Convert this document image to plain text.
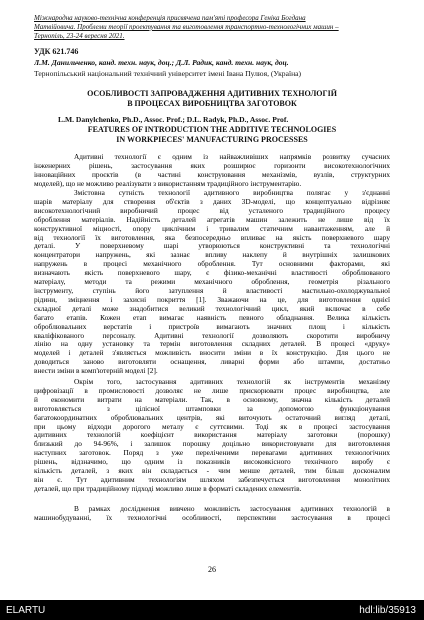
Міжнародна науково-технічна конференція присвячена пам'яті професора Геніка Богдана
Матвійовича. Проблеми теорії проектування та виготовлення транспортно-технологічних машин –
Тернопіль, 23-24 вересня 2021.
УДК 621.746
Л.М. Данильченко, канд. техн. наук, доц.; Д.Л. Радик, канд. техн. наук, доц.
Тернопільський національний технічний університет імені Івана Пулюя, (Україна)
ОСОБЛИВОСТІ ЗАПРОВАДЖЕННЯ АДИТИВНИХ ТЕХНОЛОГІЙ
В ПРОЦЕСАХ ВИРОБНИЦТВА ЗАГОТОВОК
L.M. Danylchenko, Ph.D., Assoc. Prof.; D.L. Radyk, Ph.D., Assoc. Prof.
FEATURES OF INTRODUCTION THE ADDITIVE TECHNOLOGIES
IN WORKPIECES' MANUFACTURING PROCESSES
Адитивні технології є одним із найважливіших напрямків розвитку сучасних
інженерних рішень, застосування яких розширює горизонти високотехнологічних
інноваційних проєктів (в частині конструювання механізмів, вузлів, структурних
моделей), що не можливо реалізувати з використанням традиційного інструментарію.
Змістовна сутність технології адитивного виробництва полягає у з'єднанні
шарів матеріалу для створення об'єктів з даних 3D-моделі, що концептуально відрізняє
високотехнологічний виробничий процес від усталеного традиційного процесу
оброблення матеріалів. Надійність деталей агрегатів машин залежить не лише від їх
конструктивної міцності, опору циклічним і тривалим статичним навантаженням, але й
від технології їх виготовлення, яка безпосередньо впливає на якість поверхневого шару
деталі. У поверхневому шарі утворюються конструктивні та технологічні
концентратори напружень, які зазнає впливу наклепу й внутрішніх залишкових
напружень в процесі механічного оброблення. Тут основними факторами, які
визначають якість поверхневого шару, є фізико-механічні властивості оброблюваного
матеріалу, методи та режими механічного оброблення, геометрія різального
інструменту, ступінь його затуплення й властивості мастильно-охолоджувальної
рідини, зміцнення і захисні покриття [1]. Зважаючи на це, для виготовлення однієї
складної деталі може знадобитися великий технологічний цикл, який включає в себе
багато етапів. Кожен етап вимагає наявність певного обладнання. Велика кількість
оброблювальних верстатів і пристроїв вимагають значних площ і кількість
кваліфікованого персоналу. Адитивні технології дозволяють скоротити виробничу
лінію на одну установку та термін виготовлення складних деталей. В процесі «друку»
моделей і деталей з'являється можливість вносити зміни в їх конструкцію. Для цього не
доводиться заново виготовляти оснащення, ливарні форми або штампи, достатньо
внести зміни в комп'ютерній моделі [2].
Окрім того, застосування адитивних технологій як інструментів механізму
цифровізації в промисловості дозволяє не лише прискорювати процес виробництва, але
й економити витрати на матеріали. Так, в основному, значна кількість деталей
виготовляється з цілісної штамповки за допомогою функціонування
багатокоординатних оброблювальних центрів, які виточують остаточний вигляд деталі,
при цьому відходи дорогого металу є суттєвими. Тоді як в процесі застосування
адитивних технологій коефіцієнт використання матеріалу заготовки (порошку)
близький до 94-96%, і залишок порошку доцільно використовувати для виготовлення
наступних заготовок. Поряд з уже переліченими перевагами адитивних технологічних
рішень, відзначимо, що одним із показників високоякісного технічного виробу є
кількість деталей, з яких він складається - чим менше деталей, тим більш досконалим
він є. Тут адитивним технологіям шляхом забезпечується виготовлення монолітних
деталей, що при традиційному підході можливо лише в форматі складених елементів.
В рамках дослідження вивчено можливість застосування адитивних технологій в
машинобудуванні, їх технологічні особливості, перспективи застосування в процесі
26
ELARTU	hdl:lib/35913
